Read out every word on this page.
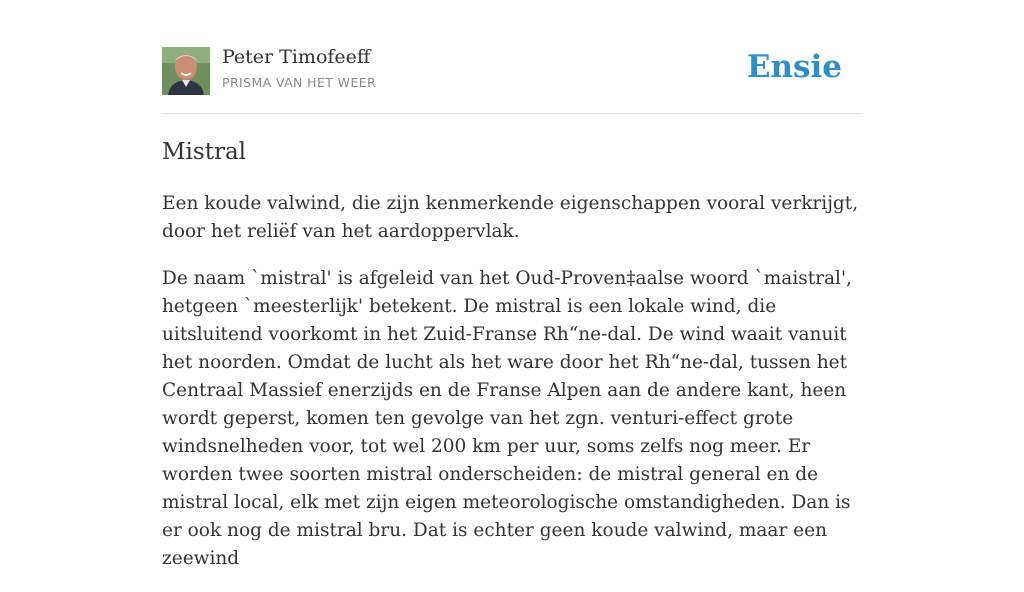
Peter Timofeeff
PRISMA VAN HET WEER	Ensie
Mistral

Een koude valwind, die zijn kenmerkende eigenschappen vooral verkrijgt, door het reliëf van het aardoppervlak.

De naam `mistral' is afgeleid van het Oud-Proven‡aalse woord `maistral', hetgeen `meesterlijk' betekent. De mistral is een lokale wind, die uitsluitend voorkomt in het Zuid-Franse Rh“ne-dal. De wind waait vanuit het noorden. Omdat de lucht als het ware door het Rh“ne-dal, tussen het Centraal Massief enerzijds en de Franse Alpen aan de andere kant, heen wordt geperst, komen ten gevolge van het zgn. venturi-effect grote windsnelheden voor, tot wel 200 km per uur, soms zelfs nog meer. Er worden twee soorten mistral onderscheiden: de mistral general en de mistral local, elk met zijn eigen meteorologische omstandigheden. Dan is er ook nog de mistral bru. Dat is echter geen koude valwind, maar een zeewind
